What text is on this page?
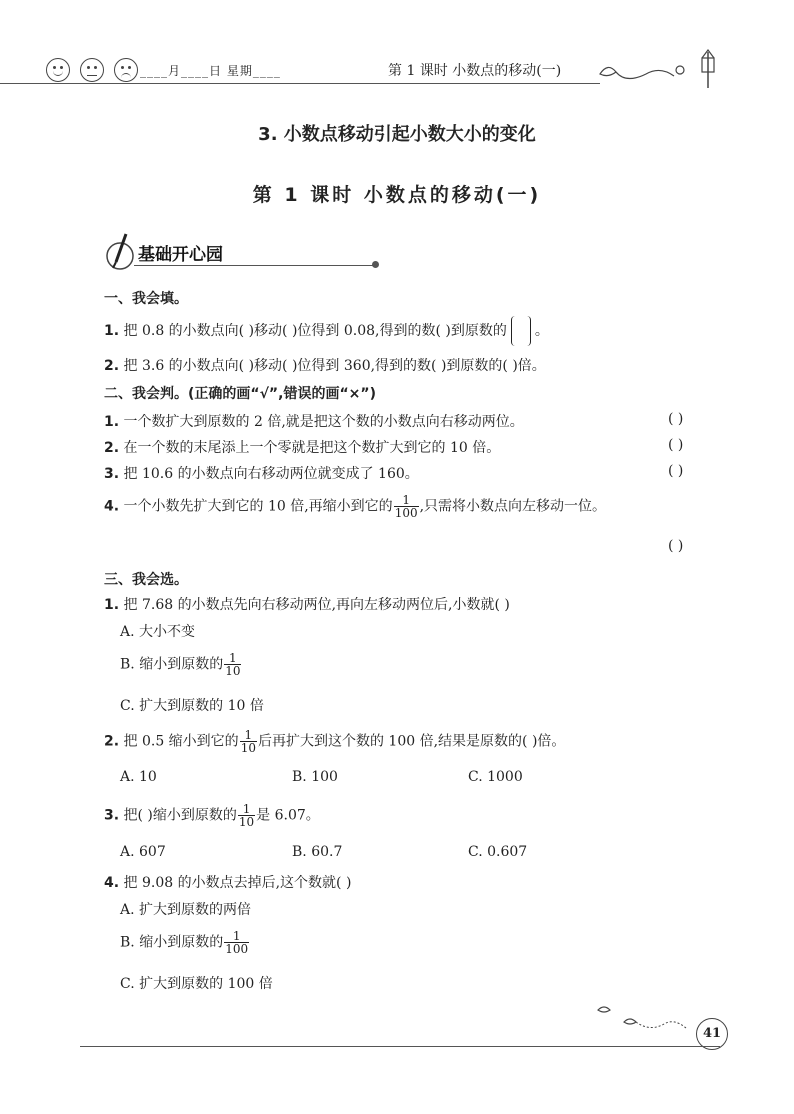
____月____日 星期____	第 1 课时 小数点的移动(一)
3. 小数点移动引起小数大小的变化
第 1 课时 小数点的移动(一)
基础开心园
一、我会填。
1. 把 0.8 的小数点向( )移动( )位得到 0.08,得到的数( )到原数的 。
2. 把 3.6 的小数点向( )移动( )位得到 360,得到的数( )到原数的( )倍。
二、我会判。(正确的画“√”,错误的画“×”)
1. 一个数扩大到原数的 2 倍,就是把这个数的小数点向右移动两位。	( )
2. 在一个数的末尾添上一个零就是把这个数扩大到它的 10 倍。	( )
3. 把 10.6 的小数点向右移动两位就变成了 160。	( )
4. 一个小数先扩大到它的 10 倍,再缩小到它的 $\frac{1}{100}$ ,只需将小数点向左移动一位。
( )
三、我会选。
1. 把 7.68 的小数点先向右移动两位,再向左移动两位后,小数就( )
A. 大小不变
B. 缩小到原数的 $\frac{1}{10}$
C. 扩大到原数的 10 倍
2. 把 0.5 缩小到它的 $\frac{1}{10}$ 后再扩大到这个数的 100 倍,结果是原数的( )倍。
A. 10	B. 100	C. 1000
3. 把( )缩小到原数的 $\frac{1}{10}$ 是 6.07。
A. 607	B. 60.7	C. 0.607
4. 把 9.08 的小数点去掉后,这个数就( )
A. 扩大到原数的两倍
B. 缩小到原数的 $\frac{1}{100}$
C. 扩大到原数的 100 倍
41
